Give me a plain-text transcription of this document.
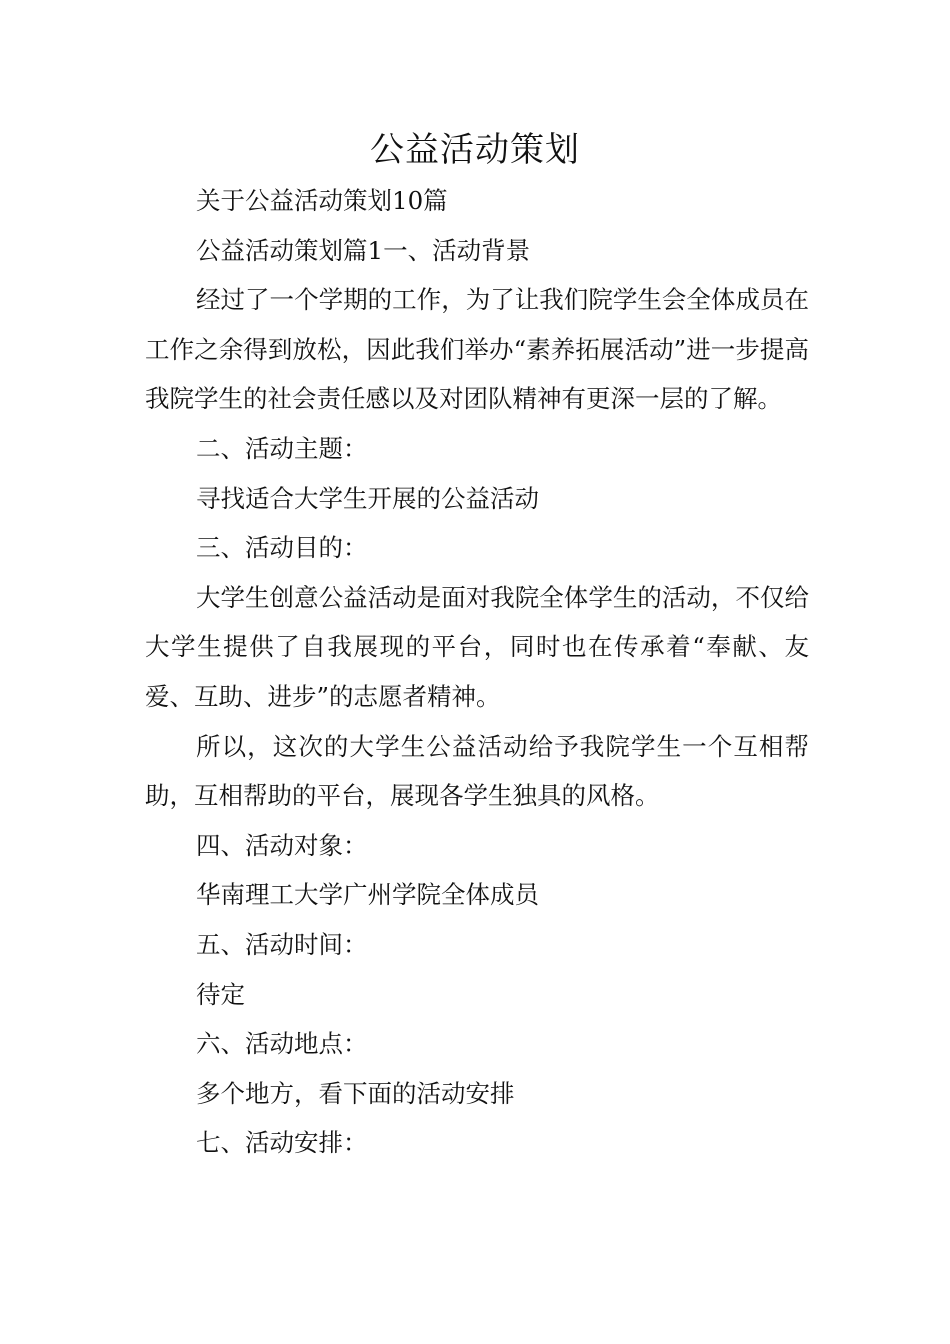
公益活动策划

关于公益活动策划10篇

公益活动策划篇1一、活动背景

经过了一个学期的工作，为了让我们院学生会全体成员在工作之余得到放松，因此我们举办“素养拓展活动”进一步提高我院学生的社会责任感以及对团队精神有更深一层的了解。

二、活动主题：

寻找适合大学生开展的公益活动

三、活动目的：

大学生创意公益活动是面对我院全体学生的活动，不仅给大学生提供了自我展现的平台，同时也在传承着“奉献、友爱、互助、进步”的志愿者精神。

所以，这次的大学生公益活动给予我院学生一个互相帮助，互相帮助的平台，展现各学生独具的风格。

四、活动对象：

华南理工大学广州学院全体成员

五、活动时间：

待定

六、活动地点：

多个地方，看下面的活动安排

七、活动安排：
